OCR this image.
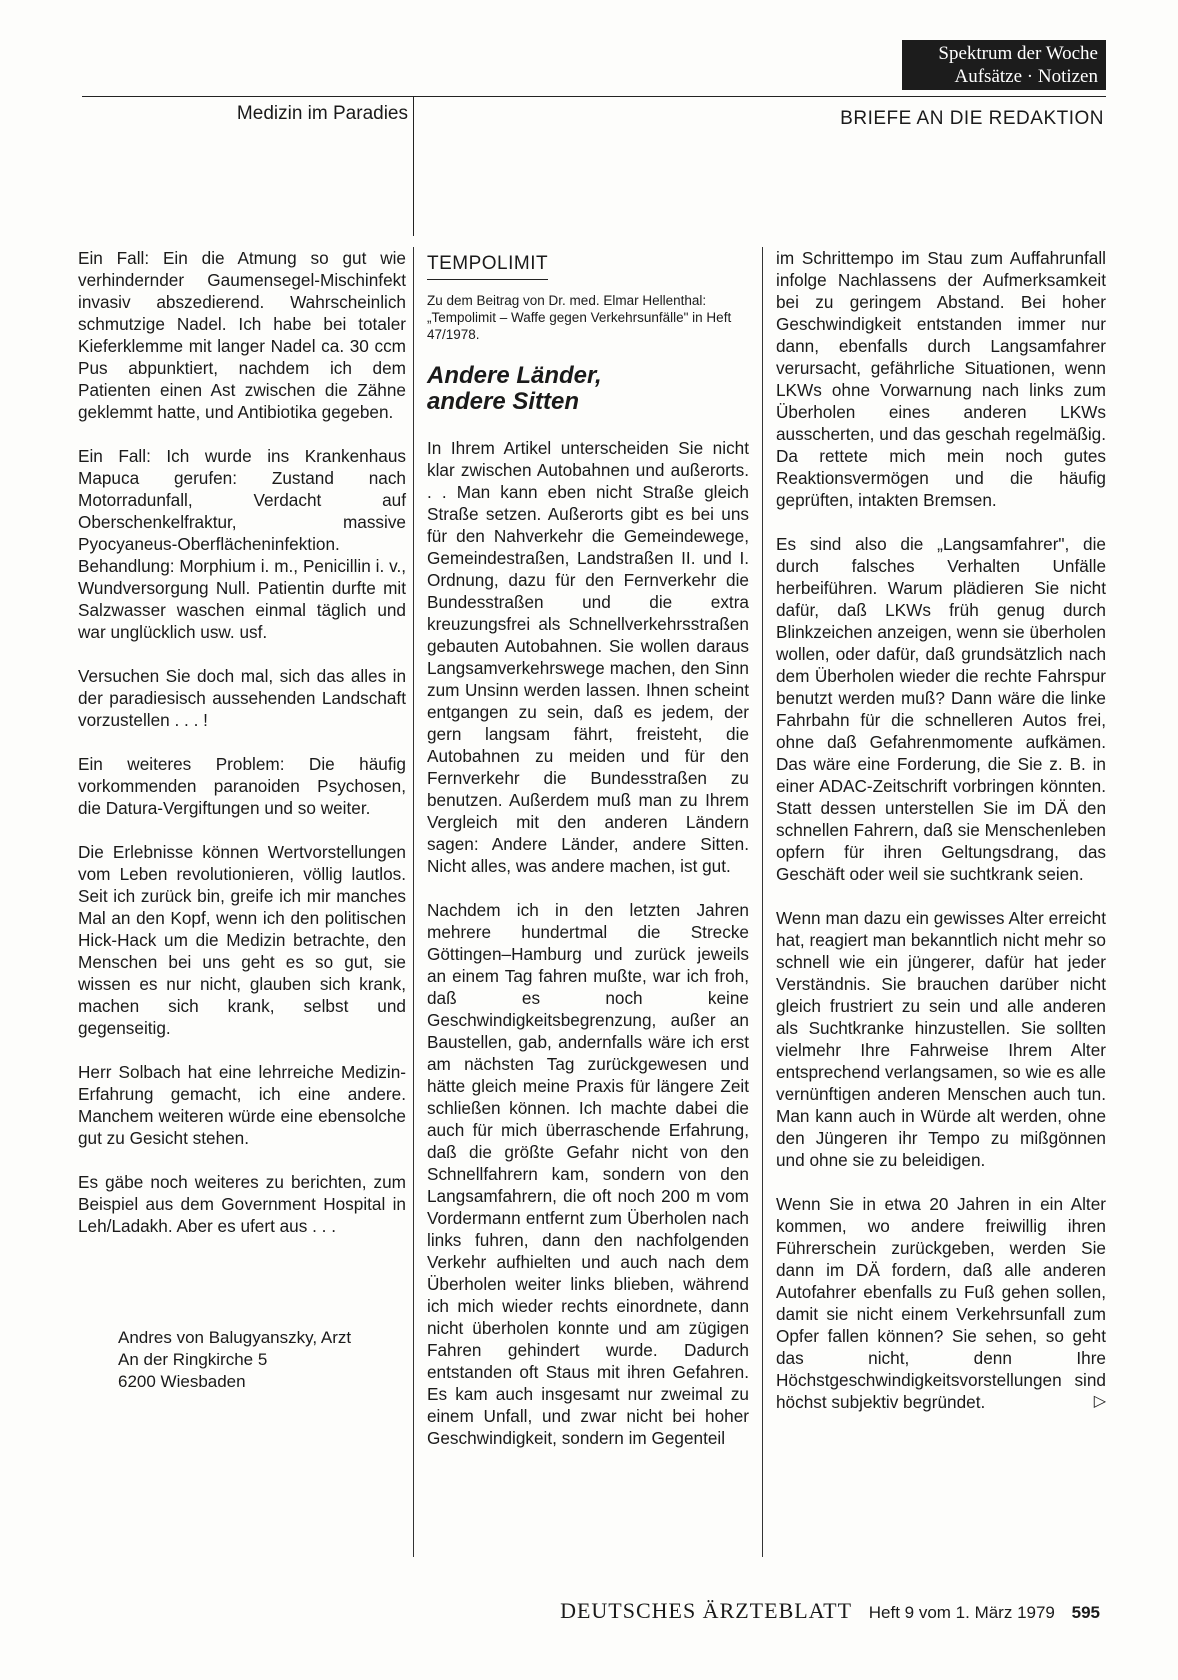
Spektrum der Woche
Aufsätze · Notizen
Medizin im Paradies	BRIEFE AN DIE REDAKTION

Ein Fall: Ein die Atmung so gut wie verhindernder Gaumensegel-Mischinfekt invasiv abszedierend. Wahrscheinlich schmutzige Nadel. Ich habe bei totaler Kieferklemme mit langer Nadel ca. 30 ccm Pus abpunktiert, nachdem ich dem Patienten einen Ast zwischen die Zähne geklemmt hatte, und Antibiotika gegeben.

Ein Fall: Ich wurde ins Krankenhaus Mapuca gerufen: Zustand nach Motorradunfall, Verdacht auf Oberschenkelfraktur, massive Pyocyaneus-Oberflächeninfektion. Behandlung: Morphium i. m., Penicillin i. v., Wundversorgung Null. Patientin durfte mit Salzwasser waschen einmal täglich und war unglücklich usw. usf.

Versuchen Sie doch mal, sich das alles in der paradiesisch aussehenden Landschaft vorzustellen . . . !

Ein weiteres Problem: Die häufig vorkommenden paranoiden Psychosen, die Datura-Vergiftungen und so weiter.

Die Erlebnisse können Wertvorstellungen vom Leben revolutionieren, völlig lautlos. Seit ich zurück bin, greife ich mir manches Mal an den Kopf, wenn ich den politischen Hick-Hack um die Medizin betrachte, den Menschen bei uns geht es so gut, sie wissen es nur nicht, glauben sich krank, machen sich krank, selbst und gegenseitig.

Herr Solbach hat eine lehrreiche Medizin-Erfahrung gemacht, ich eine andere. Manchem weiteren würde eine ebensolche gut zu Gesicht stehen.

Es gäbe noch weiteres zu berichten, zum Beispiel aus dem Government Hospital in Leh/Ladakh. Aber es ufert aus . . .

Andres von Balugyanszky, Arzt
An der Ringkirche 5
6200 Wiesbaden
TEMPOLIMIT
Zu dem Beitrag von Dr. med. Elmar Hellenthal: „Tempolimit – Waffe gegen Verkehrsunfälle" in Heft 47/1978.
Andere Länder,
andere Sitten

In Ihrem Artikel unterscheiden Sie nicht klar zwischen Autobahnen und außerorts. . . Man kann eben nicht Straße gleich Straße setzen. Außerorts gibt es bei uns für den Nahverkehr die Gemeindewege, Gemeindestraßen, Landstraßen II. und I. Ordnung, dazu für den Fernverkehr die Bundesstraßen und die extra kreuzungsfrei als Schnellverkehrsstraßen gebauten Autobahnen. Sie wollen daraus Langsamverkehrswege machen, den Sinn zum Unsinn werden lassen. Ihnen scheint entgangen zu sein, daß es jedem, der gern langsam fährt, freisteht, die Autobahnen zu meiden und für den Fernverkehr die Bundesstraßen zu benutzen. Außerdem muß man zu Ihrem Vergleich mit den anderen Ländern sagen: Andere Länder, andere Sitten. Nicht alles, was andere machen, ist gut.

Nachdem ich in den letzten Jahren mehrere hundertmal die Strecke Göttingen–Hamburg und zurück jeweils an einem Tag fahren mußte, war ich froh, daß es noch keine Geschwindigkeitsbegrenzung, außer an Baustellen, gab, andernfalls wäre ich erst am nächsten Tag zurückgewesen und hätte gleich meine Praxis für längere Zeit schließen können. Ich machte dabei die auch für mich überraschende Erfahrung, daß die größte Gefahr nicht von den Schnellfahrern kam, sondern von den Langsamfahrern, die oft noch 200 m vom Vordermann entfernt zum Überholen nach links fuhren, dann den nachfolgenden Verkehr aufhielten und auch nach dem Überholen weiter links blieben, während ich mich wieder rechts einordnete, dann nicht überholen konnte und am zügigen Fahren gehindert wurde. Dadurch entstanden oft Staus mit ihren Gefahren. Es kam auch insgesamt nur zweimal zu einem Unfall, und zwar nicht bei hoher Geschwindigkeit, sondern im Gegenteil

im Schrittempo im Stau zum Auffahrunfall infolge Nachlassens der Aufmerksamkeit bei zu geringem Abstand. Bei hoher Geschwindigkeit entstanden immer nur dann, ebenfalls durch Langsamfahrer verursacht, gefährliche Situationen, wenn LKWs ohne Vorwarnung nach links zum Überholen eines anderen LKWs ausscherten, und das geschah regelmäßig. Da rettete mich mein noch gutes Reaktionsvermögen und die häufig geprüften, intakten Bremsen.

Es sind also die „Langsamfahrer", die durch falsches Verhalten Unfälle herbeiführen. Warum plädieren Sie nicht dafür, daß LKWs früh genug durch Blinkzeichen anzeigen, wenn sie überholen wollen, oder dafür, daß grundsätzlich nach dem Überholen wieder die rechte Fahrspur benutzt werden muß? Dann wäre die linke Fahrbahn für die schnelleren Autos frei, ohne daß Gefahrenmomente aufkämen. Das wäre eine Forderung, die Sie z. B. in einer ADAC-Zeitschrift vorbringen könnten. Statt dessen unterstellen Sie im DÄ den schnellen Fahrern, daß sie Menschenleben opfern für ihren Geltungsdrang, das Geschäft oder weil sie suchtkrank seien.

Wenn man dazu ein gewisses Alter erreicht hat, reagiert man bekanntlich nicht mehr so schnell wie ein jüngerer, dafür hat jeder Verständnis. Sie brauchen darüber nicht gleich frustriert zu sein und alle anderen als Suchtkranke hinzustellen. Sie sollten vielmehr Ihre Fahrweise Ihrem Alter entsprechend verlangsamen, so wie es alle vernünftigen anderen Menschen auch tun. Man kann auch in Würde alt werden, ohne den Jüngeren ihr Tempo zu mißgönnen und ohne sie zu beleidigen.

Wenn Sie in etwa 20 Jahren in ein Alter kommen, wo andere freiwillig ihren Führerschein zurückgeben, werden Sie dann im DÄ fordern, daß alle anderen Autofahrer ebenfalls zu Fuß gehen sollen, damit sie nicht einem Verkehrsunfall zum Opfer fallen können? Sie sehen, so geht das nicht, denn Ihre Höchstgeschwindigkeitsvorstellungen sind höchst subjektiv begründet.	▷

DEUTSCHES ÄRZTEBLATT Heft 9 vom 1. März 1979 595
